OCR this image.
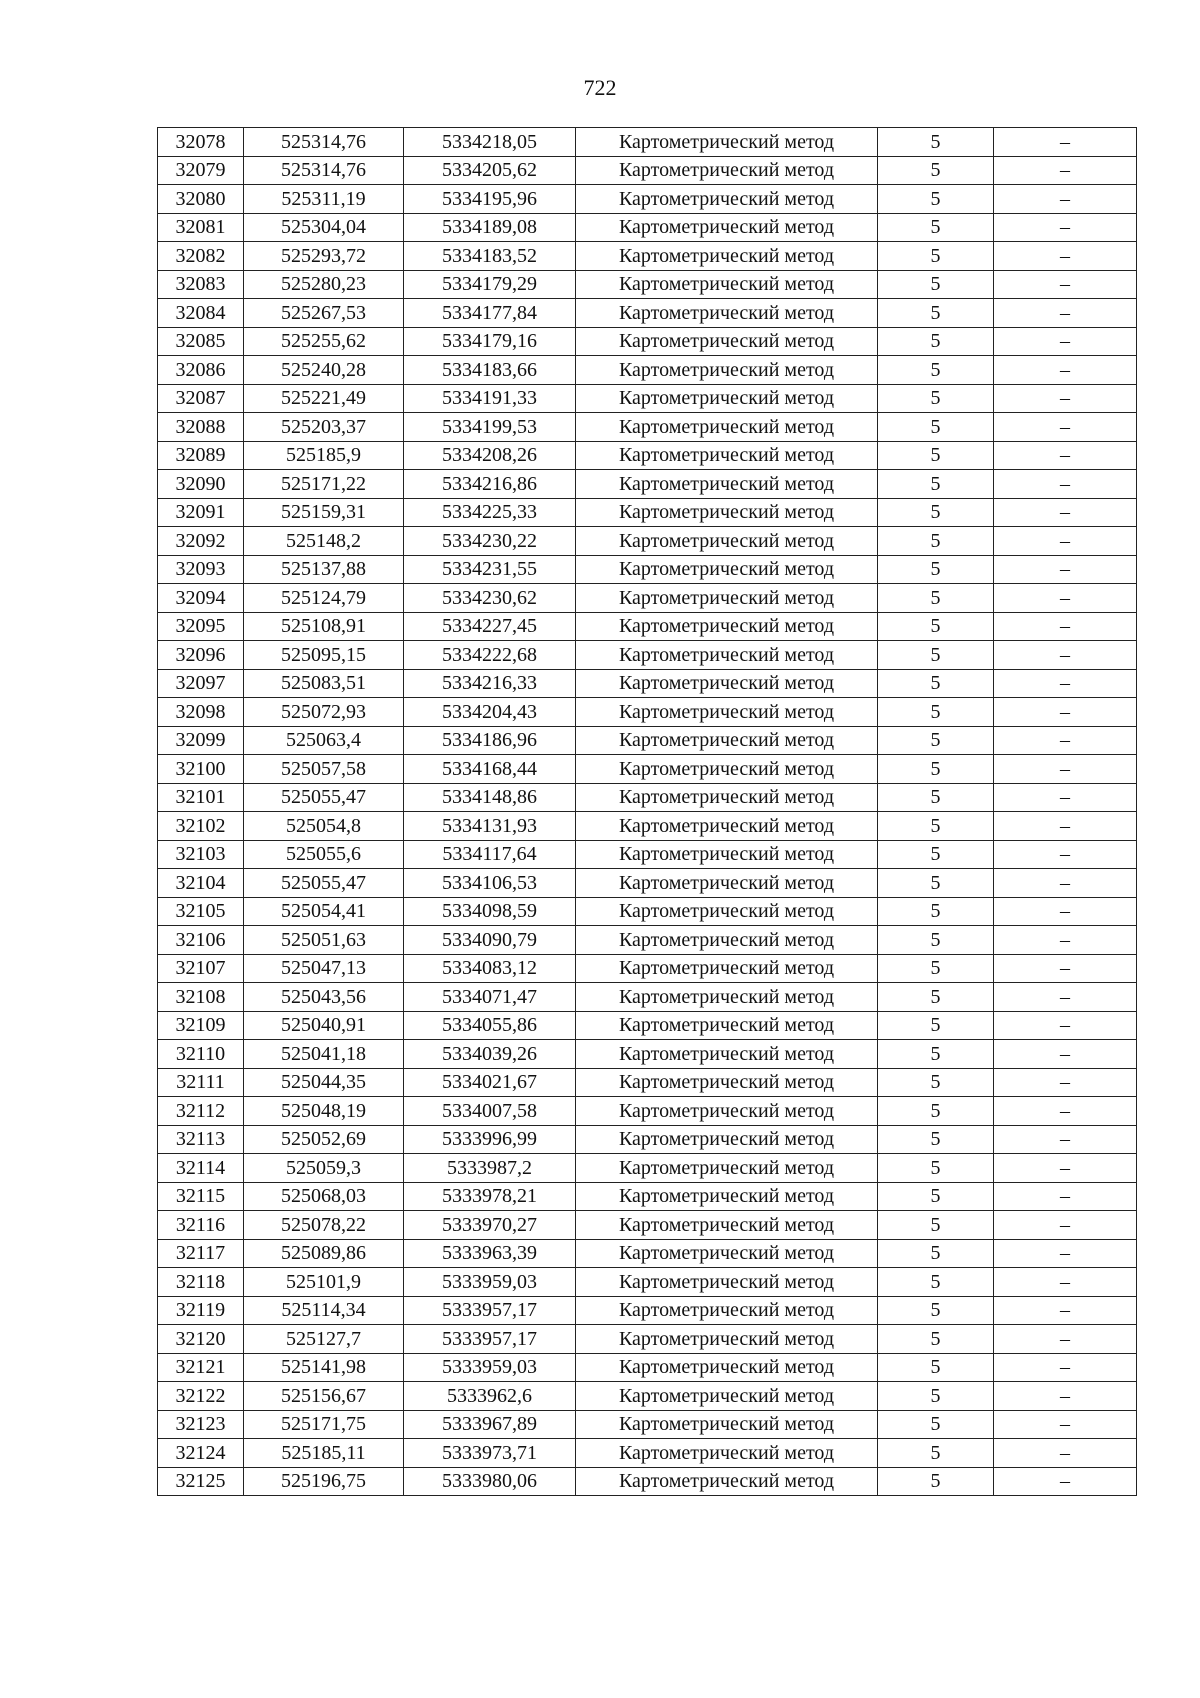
722
32078	525314,76	5334218,05	Картометрический метод	5	–
32079	525314,76	5334205,62	Картометрический метод	5	–
32080	525311,19	5334195,96	Картометрический метод	5	–
32081	525304,04	5334189,08	Картометрический метод	5	–
32082	525293,72	5334183,52	Картометрический метод	5	–
32083	525280,23	5334179,29	Картометрический метод	5	–
32084	525267,53	5334177,84	Картометрический метод	5	–
32085	525255,62	5334179,16	Картометрический метод	5	–
32086	525240,28	5334183,66	Картометрический метод	5	–
32087	525221,49	5334191,33	Картометрический метод	5	–
32088	525203,37	5334199,53	Картометрический метод	5	–
32089	525185,9	5334208,26	Картометрический метод	5	–
32090	525171,22	5334216,86	Картометрический метод	5	–
32091	525159,31	5334225,33	Картометрический метод	5	–
32092	525148,2	5334230,22	Картометрический метод	5	–
32093	525137,88	5334231,55	Картометрический метод	5	–
32094	525124,79	5334230,62	Картометрический метод	5	–
32095	525108,91	5334227,45	Картометрический метод	5	–
32096	525095,15	5334222,68	Картометрический метод	5	–
32097	525083,51	5334216,33	Картометрический метод	5	–
32098	525072,93	5334204,43	Картометрический метод	5	–
32099	525063,4	5334186,96	Картометрический метод	5	–
32100	525057,58	5334168,44	Картометрический метод	5	–
32101	525055,47	5334148,86	Картометрический метод	5	–
32102	525054,8	5334131,93	Картометрический метод	5	–
32103	525055,6	5334117,64	Картометрический метод	5	–
32104	525055,47	5334106,53	Картометрический метод	5	–
32105	525054,41	5334098,59	Картометрический метод	5	–
32106	525051,63	5334090,79	Картометрический метод	5	–
32107	525047,13	5334083,12	Картометрический метод	5	–
32108	525043,56	5334071,47	Картометрический метод	5	–
32109	525040,91	5334055,86	Картометрический метод	5	–
32110	525041,18	5334039,26	Картометрический метод	5	–
32111	525044,35	5334021,67	Картометрический метод	5	–
32112	525048,19	5334007,58	Картометрический метод	5	–
32113	525052,69	5333996,99	Картометрический метод	5	–
32114	525059,3	5333987,2	Картометрический метод	5	–
32115	525068,03	5333978,21	Картометрический метод	5	–
32116	525078,22	5333970,27	Картометрический метод	5	–
32117	525089,86	5333963,39	Картометрический метод	5	–
32118	525101,9	5333959,03	Картометрический метод	5	–
32119	525114,34	5333957,17	Картометрический метод	5	–
32120	525127,7	5333957,17	Картометрический метод	5	–
32121	525141,98	5333959,03	Картометрический метод	5	–
32122	525156,67	5333962,6	Картометрический метод	5	–
32123	525171,75	5333967,89	Картометрический метод	5	–
32124	525185,11	5333973,71	Картометрический метод	5	–
32125	525196,75	5333980,06	Картометрический метод	5	–
